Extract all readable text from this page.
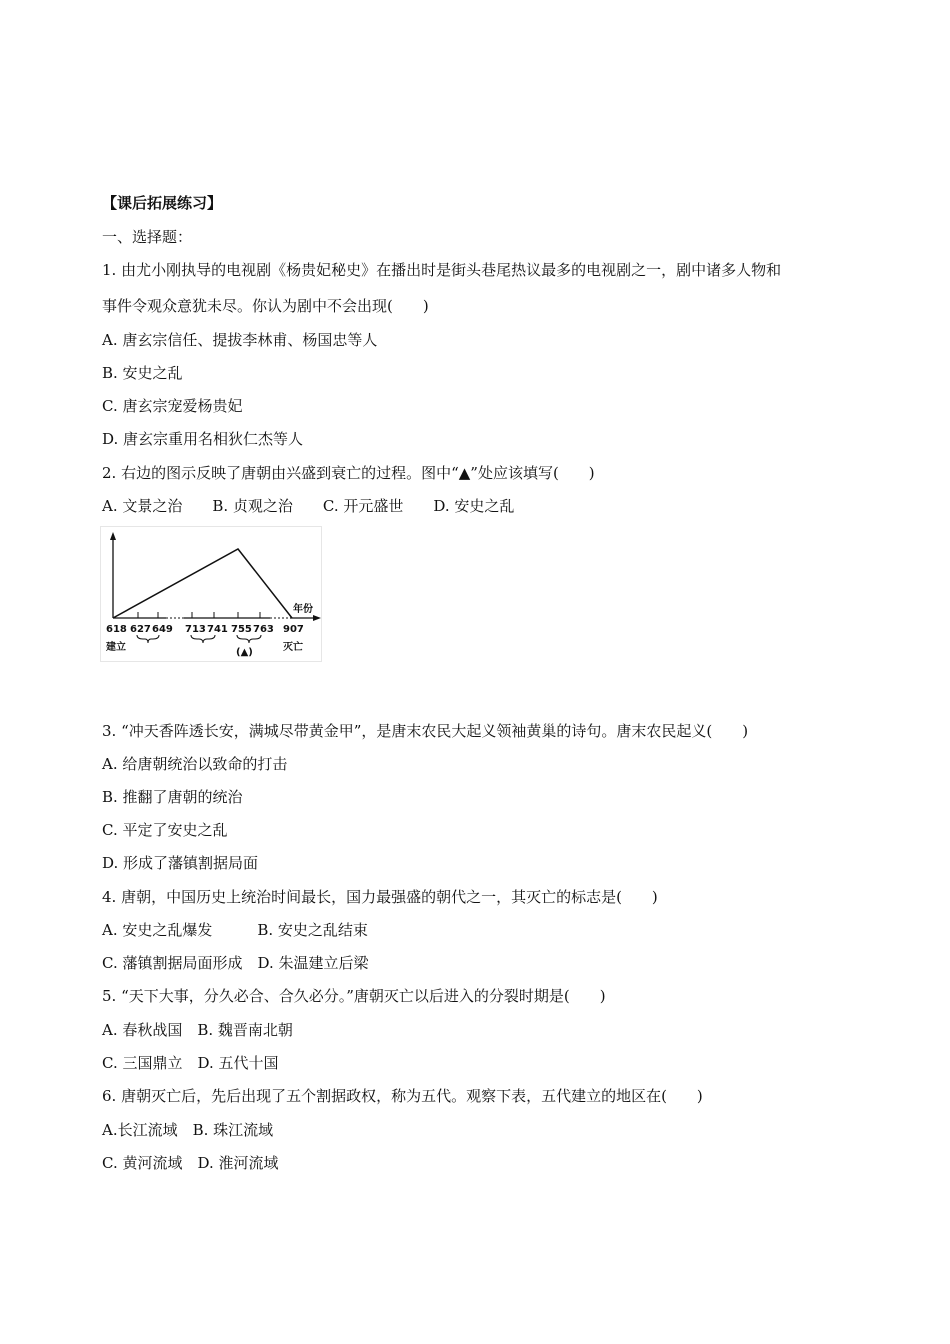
【课后拓展练习】
一、选择题：
1. 由尤小刚执导的电视剧《杨贵妃秘史》在播出时是街头巷尾热议最多的电视剧之一，剧中诸多人物和
事件令观众意犹未尽。你认为剧中不会出现(　　)
A. 唐玄宗信任、提拔李林甫、杨国忠等人
B. 安史之乱
C. 唐玄宗宠爱杨贵妃
D. 唐玄宗重用名相狄仁杰等人
2. 右边的图示反映了唐朝由兴盛到衰亡的过程。图中“▲”处应该填写(　　)
A. 文景之治　　B. 贞观之治　　C. 开元盛世　　D. 安史之乱
年份
618 627 649 713 741 755 763 907
建立	(▲)	灭亡
3. “冲天香阵透长安，满城尽带黄金甲”，是唐末农民大起义领袖黄巢的诗句。唐末农民起义(　　)
A. 给唐朝统治以致命的打击
B. 推翻了唐朝的统治
C. 平定了安史之乱
D. 形成了藩镇割据局面
4. 唐朝，中国历史上统治时间最长，国力最强盛的朝代之一，其灭亡的标志是(　　)
A. 安史之乱爆发　　　B. 安史之乱结束
C. 藩镇割据局面形成　D. 朱温建立后梁
5. “天下大事，分久必合、合久必分。”唐朝灭亡以后进入的分裂时期是(　　)
A. 春秋战国　B. 魏晋南北朝
C. 三国鼎立　D. 五代十国
6. 唐朝灭亡后，先后出现了五个割据政权，称为五代。观察下表，五代建立的地区在(　　)
A.长江流域　B. 珠江流域
C. 黄河流域　D. 淮河流域
